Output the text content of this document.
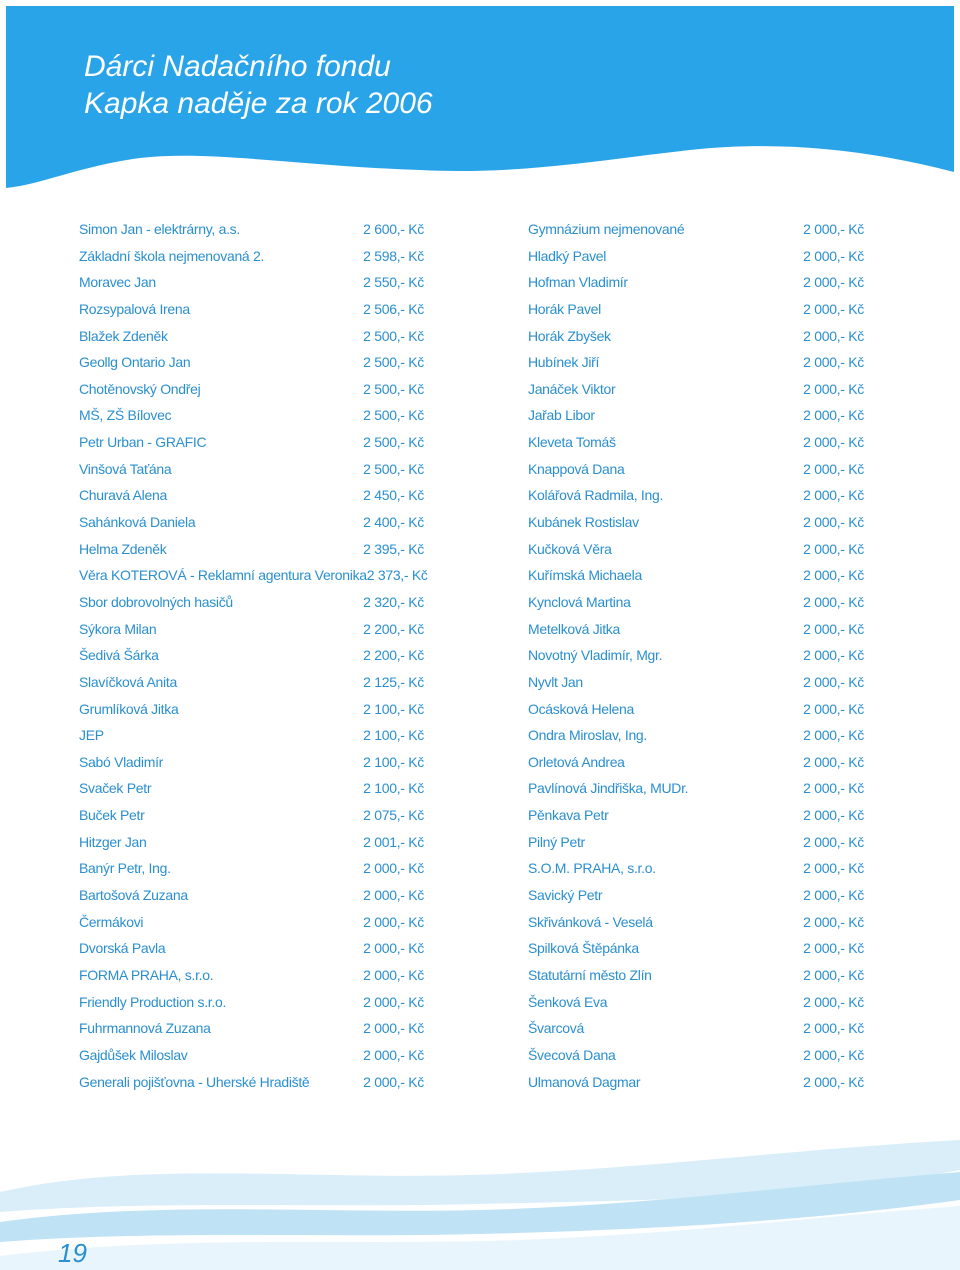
Dárci Nadačního fondu
Kapka naděje za rok 2006
Simon Jan - elektrárny, a.s.	2 600,- Kč
Základní škola nejmenovaná 2.	2 598,- Kč
Moravec Jan	2 550,- Kč
Rozsypalová Irena	2 506,- Kč
Blažek Zdeněk	2 500,- Kč
Geollg Ontario Jan	2 500,- Kč
Chotěnovský Ondřej	2 500,- Kč
MŠ, ZŠ Bílovec	2 500,- Kč
Petr Urban - GRAFIC	2 500,- Kč
Vinšová Taťána	2 500,- Kč
Churavá Alena	2 450,- Kč
Sahánková Daniela	2 400,- Kč
Helma Zdeněk	2 395,- Kč
Věra KOTEROVÁ - Reklamní agentura Veronika 2 373,- Kč
Sbor dobrovolných hasičů	2 320,- Kč
Sýkora Milan	2 200,- Kč
Šedivá Šárka	2 200,- Kč
Slavíčková Anita	2 125,- Kč
Grumlíková Jitka	2 100,- Kč
JEP	2 100,- Kč
Sabó Vladimír	2 100,- Kč
Svaček Petr	2 100,- Kč
Buček Petr	2 075,- Kč
Hitzger Jan	2 001,- Kč
Banýr Petr, Ing.	2 000,- Kč
Bartošová Zuzana	2 000,- Kč
Čermákovi	2 000,- Kč
Dvorská Pavla	2 000,- Kč
FORMA PRAHA, s.r.o.	2 000,- Kč
Friendly Production s.r.o.	2 000,- Kč
Fuhrmannová Zuzana	2 000,- Kč
Gajdůšek Miloslav	2 000,- Kč
Generali pojišťovna - Uherské Hradiště	2 000,- Kč
Gymnázium nejmenované	2 000,- Kč
Hladký Pavel	2 000,- Kč
Hofman Vladimír	2 000,- Kč
Horák Pavel	2 000,- Kč
Horák Zbyšek	2 000,- Kč
Hubínek Jiří	2 000,- Kč
Janáček Viktor	2 000,- Kč
Jařab Libor	2 000,- Kč
Kleveta Tomáš	2 000,- Kč
Knappová Dana	2 000,- Kč
Kolářová Radmila, Ing.	2 000,- Kč
Kubánek Rostislav	2 000,- Kč
Kučková Věra	2 000,- Kč
Kuřímská Michaela	2 000,- Kč
Kynclová Martina	2 000,- Kč
Metelková Jitka	2 000,- Kč
Novotný Vladimír, Mgr.	2 000,- Kč
Nyvlt Jan	2 000,- Kč
Ocásková Helena	2 000,- Kč
Ondra Miroslav, Ing.	2 000,- Kč
Orletová Andrea	2 000,- Kč
Pavlínová Jindřiška, MUDr.	2 000,- Kč
Pěnkava Petr	2 000,- Kč
Pilný Petr	2 000,- Kč
S.O.M. PRAHA, s.r.o.	2 000,- Kč
Savický Petr	2 000,- Kč
Skřivánková - Veselá	2 000,- Kč
Spilková Štěpánka	2 000,- Kč
Statutární město Zlín	2 000,- Kč
Šenková Eva	2 000,- Kč
Švarcová	2 000,- Kč
Švecová Dana	2 000,- Kč
Ulmanová Dagmar	2 000,- Kč
19
